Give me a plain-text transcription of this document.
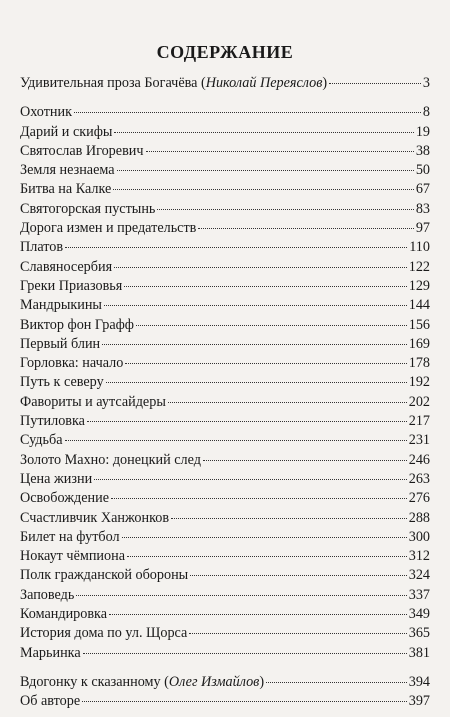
СОДЕРЖАНИЕ
Удивительная проза Богачёва (Николай Переяслов)	3
Охотник	8
Дарий и скифы	19
Святослав Игоревич	38
Земля незнаема	50
Битва на Калке	67
Святогорская пустынь	83
Дорога измен и предательств	97
Платов	110
Славяносербия	122
Греки Приазовья	129
Мандрыкины	144
Виктор фон Графф	156
Первый блин	169
Горловка: начало	178
Путь к северу	192
Фавориты и аутсайдеры	202
Путиловка	217
Судьба	231
Золото Махно: донецкий след	246
Цена жизни	263
Освобождение	276
Счастливчик Ханжонков	288
Билет на футбол	300
Нокаут чёмпиона	312
Полк гражданской обороны	324
Заповедь	337
Командировка	349
История дома по ул. Щорса	365
Марьинка	381
Вдогонку к сказанному (Олег Измайлов)	394
Об авторе	397
